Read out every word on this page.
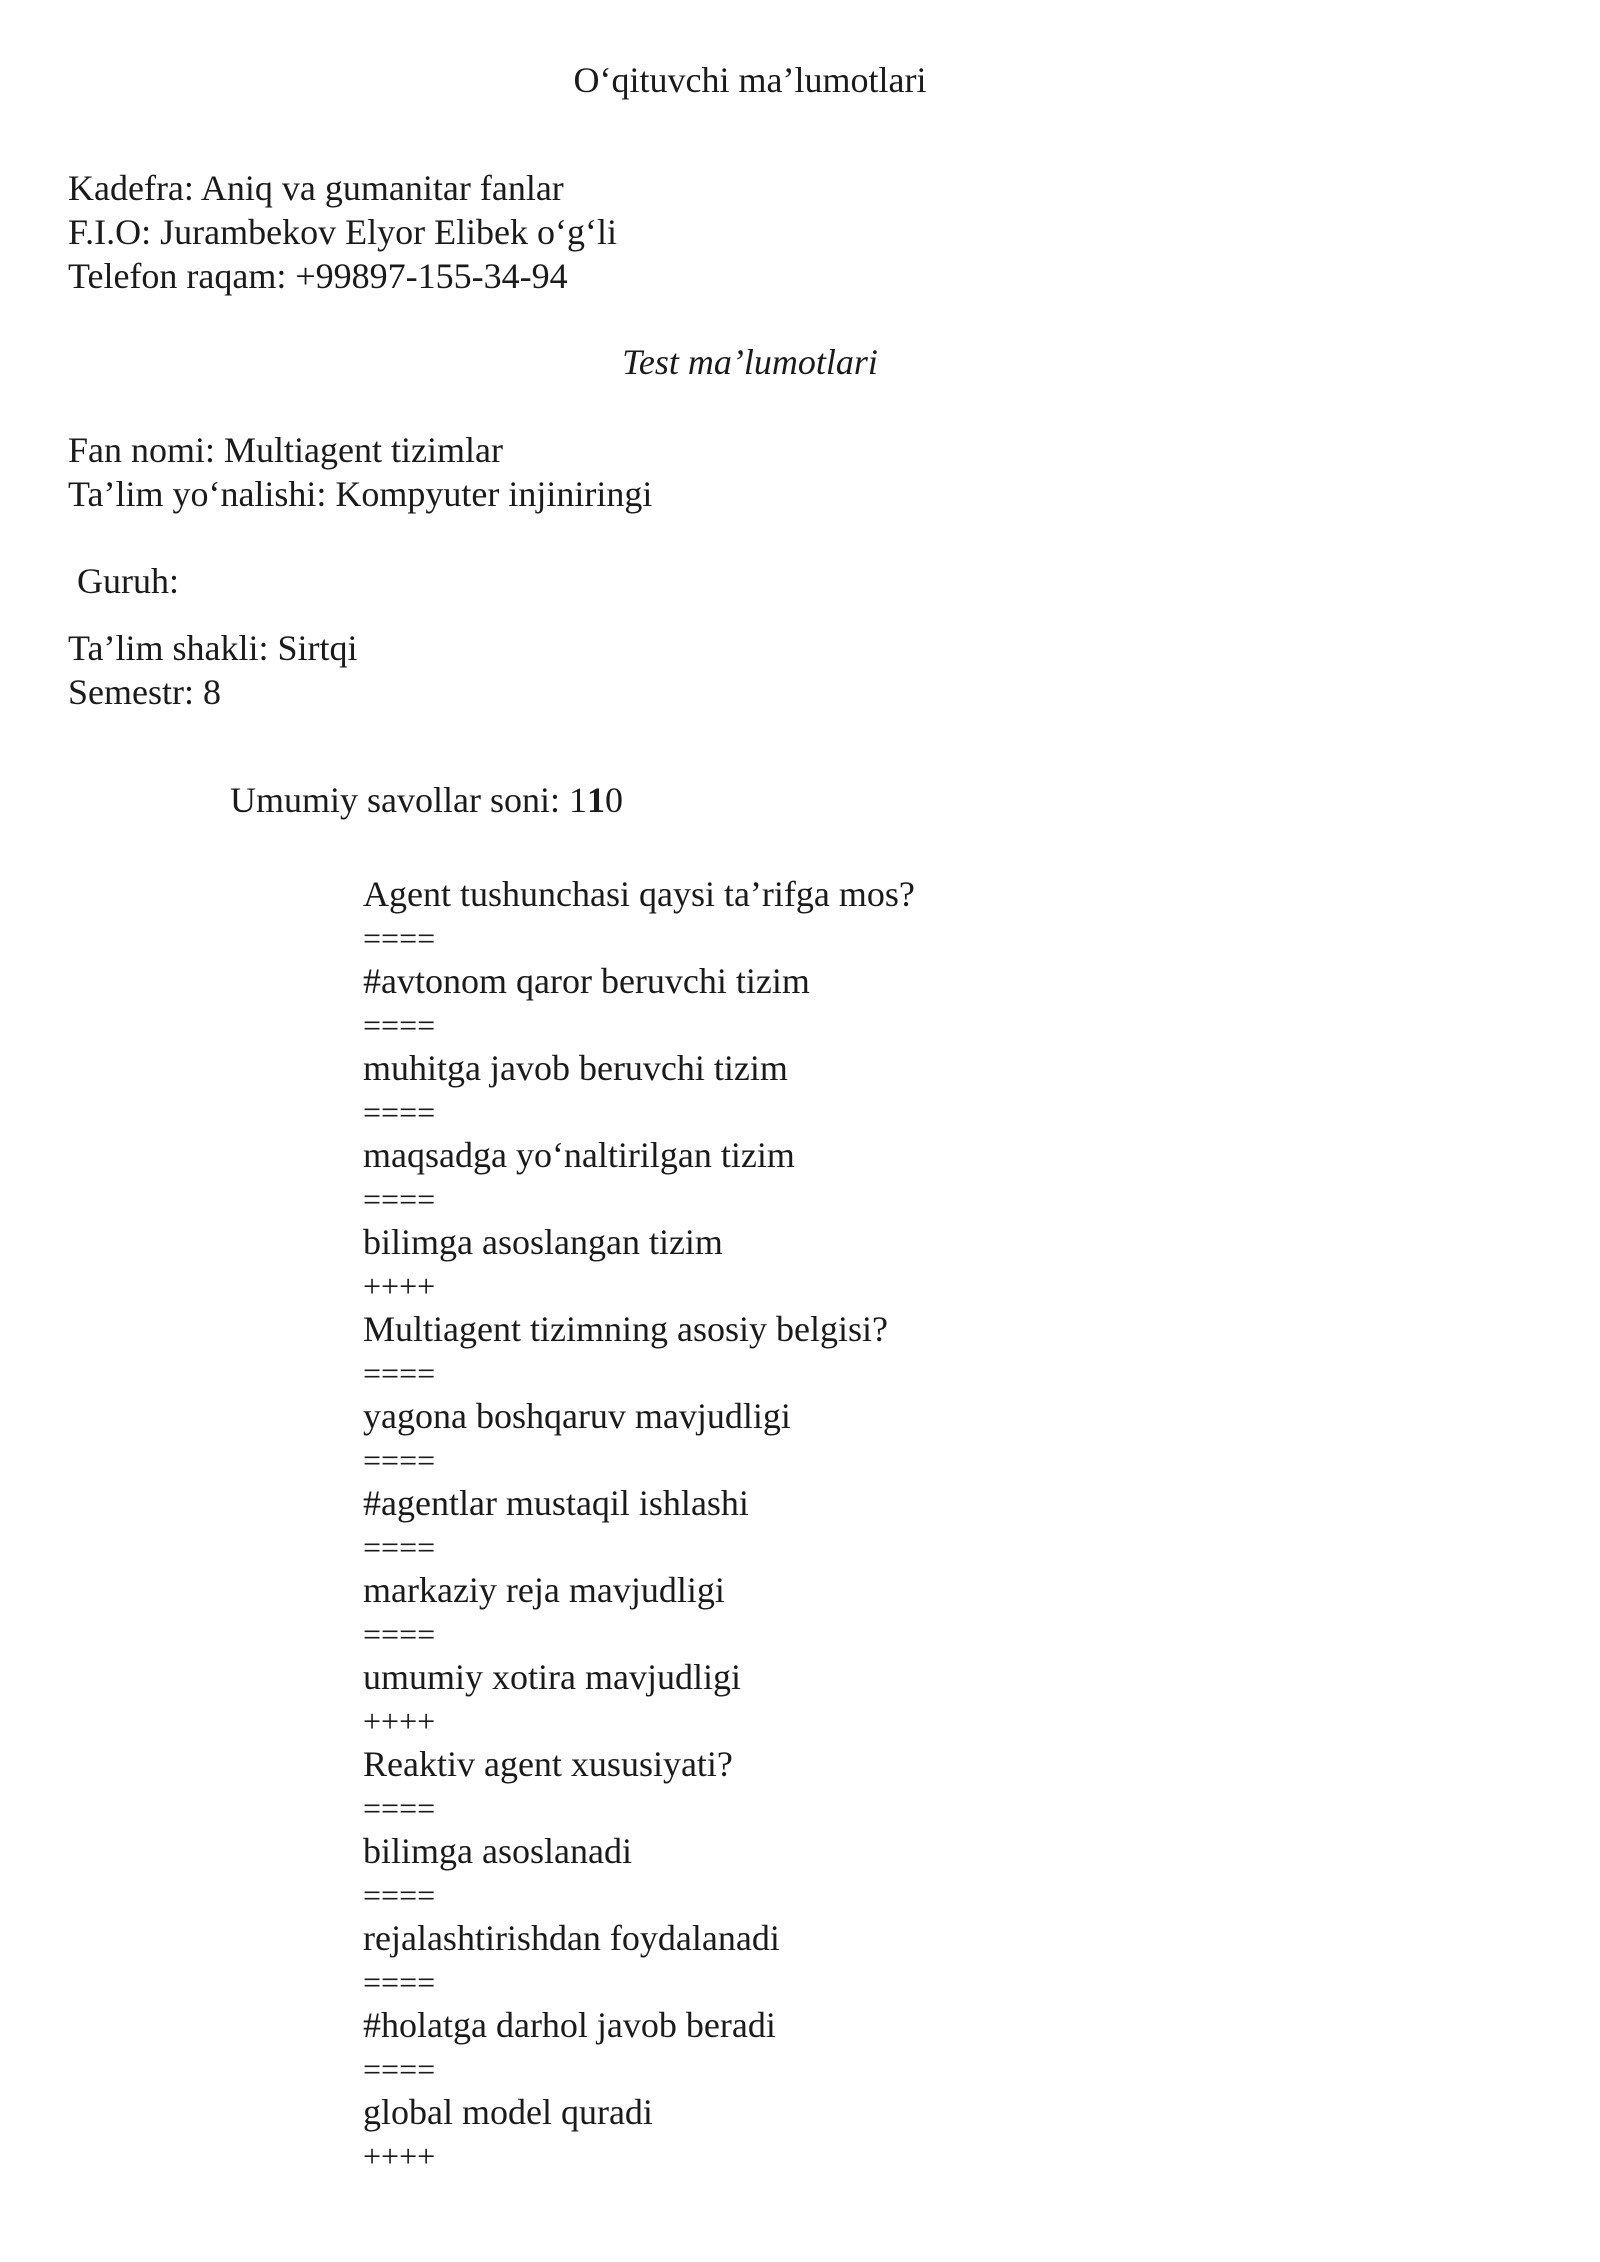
O‘qituvchi ma’lumotlari
Kadefra: Aniq va gumanitar fanlar
F.I.O: Jurambekov Elyor Elibek o‘g‘li
Telefon raqam: +99897-155-34-94
Test ma’lumotlari
Fan nomi: Multiagent tizimlar
Ta’lim yo‘nalishi: Kompyuter injiniringi
Guruh:
Ta’lim shakli: Sirtqi
Semestr: 8
Umumiy savollar soni: 110
Agent tushunchasi qaysi ta’rifga mos?
====
#avtonom qaror beruvchi tizim
====
muhitga javob beruvchi tizim
====
maqsadga yo‘naltirilgan tizim
====
bilimga asoslangan tizim
++++
Multiagent tizimning asosiy belgisi?
====
yagona boshqaruv mavjudligi
====
#agentlar mustaqil ishlashi
====
markaziy reja mavjudligi
====
umumiy xotira mavjudligi
++++
Reaktiv agent xususiyati?
====
bilimga asoslanadi
====
rejalashtirishdan foydalanadi
====
#holatga darhol javob beradi
====
global model quradi
++++
